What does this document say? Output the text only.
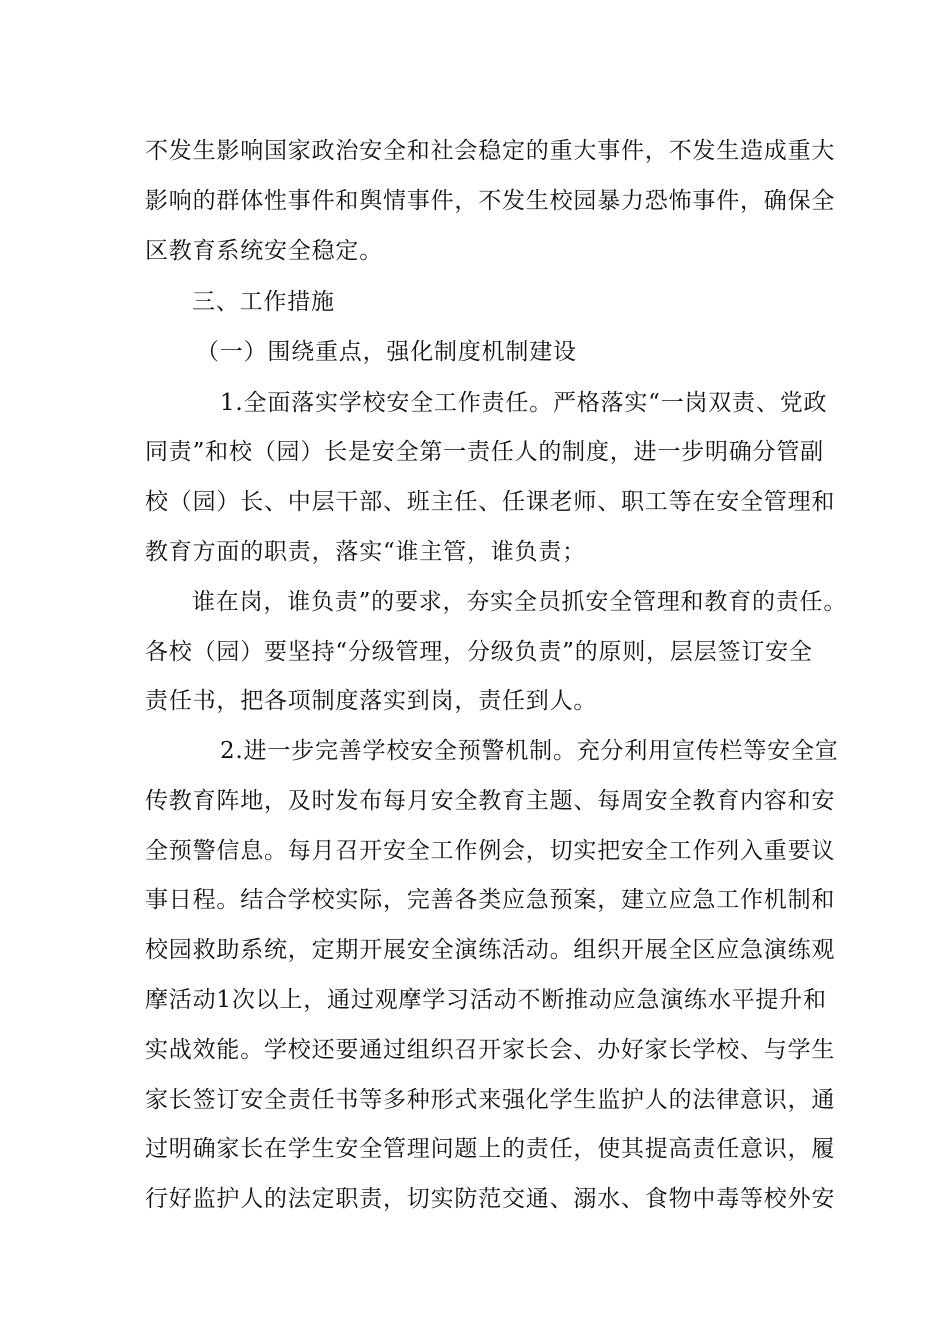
不发生影响国家政治安全和社会稳定的重大事件，不发生造成重大
影响的群体性事件和舆情事件，不发生校园暴力恐怖事件，确保全
区教育系统安全稳定。
三、工作措施
（一）围绕重点，强化制度机制建设
1.全面落实学校安全工作责任。严格落实“一岗双责、党政
同责”和校（园）长是安全第一责任人的制度，进一步明确分管副
校（园）长、中层干部、班主任、任课老师、职工等在安全管理和
教育方面的职责，落实“谁主管，谁负责；
谁在岗，谁负责”的要求，夯实全员抓安全管理和教育的责任。
各校（园）要坚持“分级管理，分级负责”的原则，层层签订安全
责任书，把各项制度落实到岗，责任到人。
2.进一步完善学校安全预警机制。充分利用宣传栏等安全宣
传教育阵地，及时发布每月安全教育主题、每周安全教育内容和安
全预警信息。每月召开安全工作例会，切实把安全工作列入重要议
事日程。结合学校实际，完善各类应急预案，建立应急工作机制和
校园救助系统，定期开展安全演练活动。组织开展全区应急演练观
摩活动1次以上，通过观摩学习活动不断推动应急演练水平提升和
实战效能。学校还要通过组织召开家长会、办好家长学校、与学生
家长签订安全责任书等多种形式来强化学生监护人的法律意识，通
过明确家长在学生安全管理问题上的责任，使其提高责任意识，履
行好监护人的法定职责，切实防范交通、溺水、食物中毒等校外安
